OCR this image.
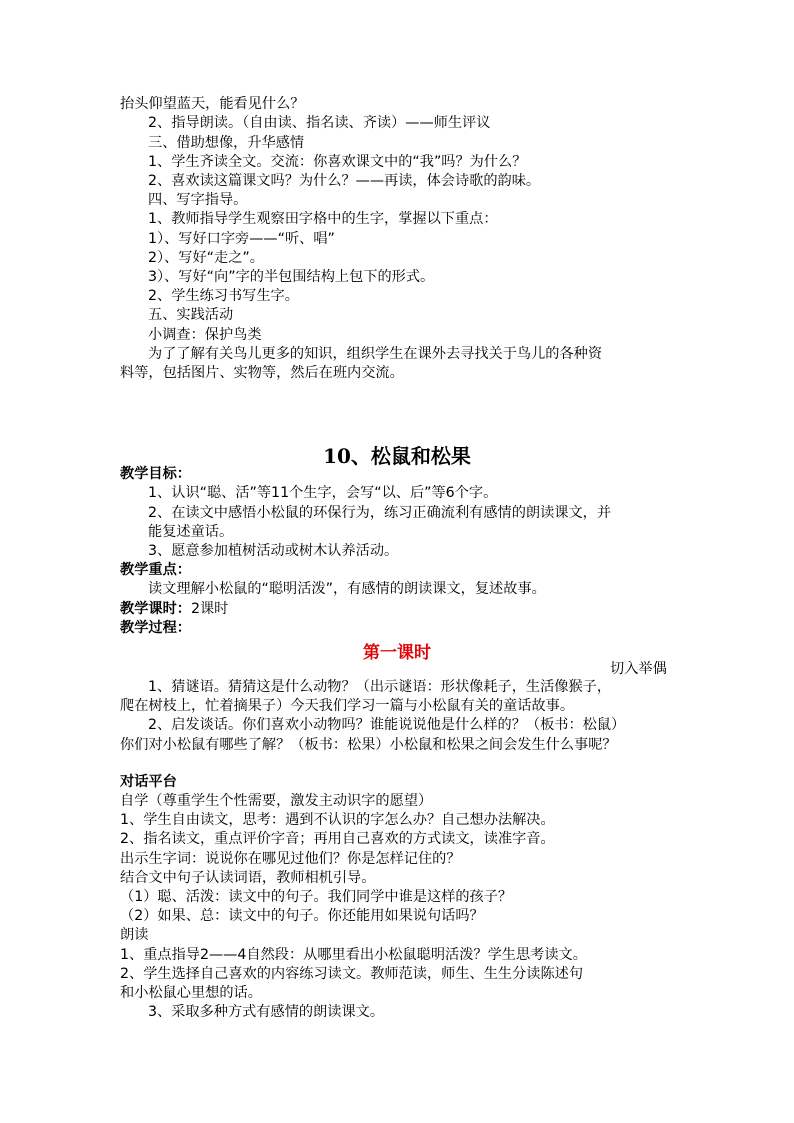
抬头仰望蓝天，能看见什么？
2、指导朗读。（自由读、指名读、齐读）——师生评议
三、借助想像，升华感情
1、学生齐读全文。交流：你喜欢课文中的“我”吗？为什么？
2、喜欢读这篇课文吗？为什么？——再读，体会诗歌的韵味。
四、写字指导。
1、教师指导学生观察田字格中的生字，掌握以下重点：
1）、写好口字旁——“听、唱”
2）、写好“走之”。
3）、写好“向”字的半包围结构上包下的形式。
2、学生练习书写生字。
五、实践活动
小调查：保护鸟类
为了了解有关鸟儿更多的知识，组织学生在课外去寻找关于鸟儿的各种资
料等，包括图片、实物等，然后在班内交流。
10、松鼠和松果
教学目标：
1、认识“聪、活”等11个生字，会写“以、后”等6个字。
2、在读文中感悟小松鼠的环保行为，练习正确流利有感情的朗读课文，并
能复述童话。
3、愿意参加植树活动或树木认养活动。
教学重点：
读文理解小松鼠的“聪明活泼”，有感情的朗读课文，复述故事。
教学课时：2课时
教学过程：
第一课时
切入举偶
1、猜谜语。猜猜这是什么动物？（出示谜语：形状像耗子，生活像猴子，
爬在树枝上，忙着摘果子）今天我们学习一篇与小松鼠有关的童话故事。
2、启发谈话。你们喜欢小动物吗？谁能说说他是什么样的？（板书：松鼠）
你们对小松鼠有哪些了解？（板书：松果）小松鼠和松果之间会发生什么事呢？
对话平台
自学（尊重学生个性需要，激发主动识字的愿望）
1、学生自由读文，思考：遇到不认识的字怎么办？自己想办法解决。
2、指名读文，重点评价字音；再用自己喜欢的方式读文，读准字音。
出示生字词：说说你在哪见过他们？你是怎样记住的？
结合文中句子认读词语，教师相机引导。
（1）聪、活泼：读文中的句子。我们同学中谁是这样的孩子？
（2）如果、总：读文中的句子。你还能用如果说句话吗？
朗读
1、重点指导2——4自然段：从哪里看出小松鼠聪明活泼？学生思考读文。
2、学生选择自己喜欢的内容练习读文。教师范读，师生、生生分读陈述句
和小松鼠心里想的话。
3、采取多种方式有感情的朗读课文。
